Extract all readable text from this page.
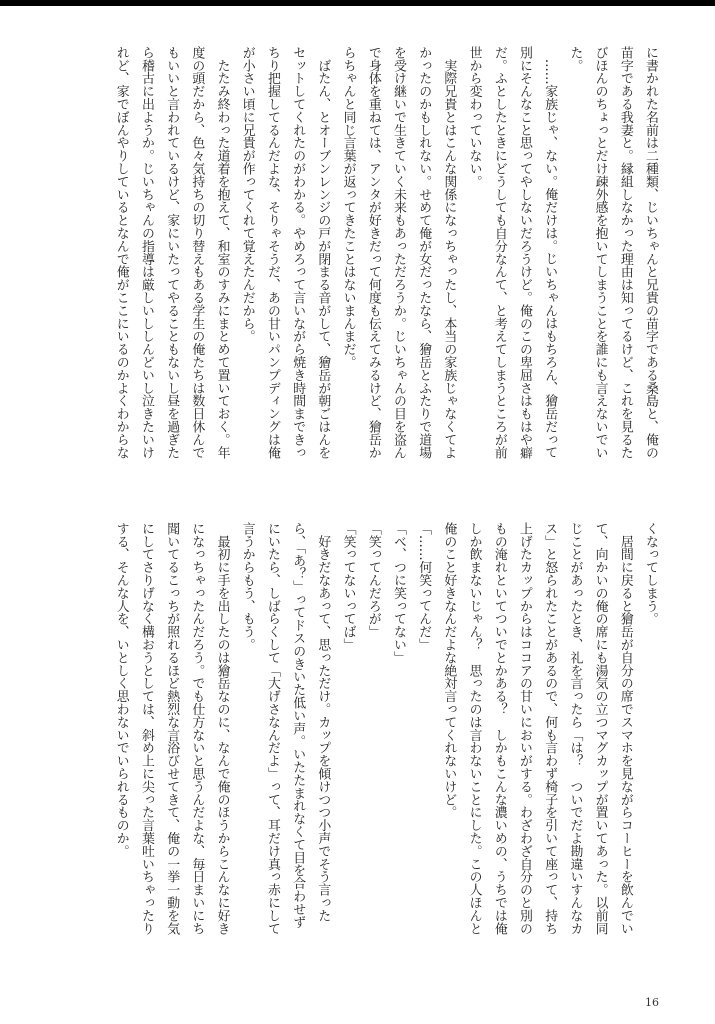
に書かれた名前は二種類、じいちゃんと兄貴の苗字である桑島と、俺の
苗字である我妻と。縁組しなかった理由は知ってるけど、これを見るた
びほんのちょっとだけ疎外感を抱いてしまうことを誰にも言えないでい
た。
　……家族じゃ、ない。俺だけは。じいちゃんはもちろん、獪岳だって
別にそんなこと思ってやしないだろうけど。俺のこの卑屈さはもはや癖
だ。ふとしたときにどうしても自分なんて、と考えてしまうところが前
世から変わっていない。
　実際兄貴とはこんな関係になっちゃったし、本当の家族じゃなくてよ
かったのかもしれない。せめて俺が女だったなら、獪岳とふたりで道場
を受け継いで生きていく未来もあっただろうか。じいちゃんの目を盗ん
で身体を重ねては、アンタが好きだって何度も伝えてみるけど、獪岳か
らちゃんと同じ言葉が返ってきたことはないまんまだ。
　ばたん、とオーブンレンジの戸が閉まる音がして、獪岳が朝ごはんを
セットしてくれたのがわかる。やめろって言いながら焼き時間まできっ
ちり把握してるんだよな、そりゃそうだ、あの甘いパンプディングは俺
が小さい頃に兄貴が作ってくれて覚えたんだから。
　たたみ終わった道着を抱えて、和室のすみにまとめて置いておく。年
度の頭だから、色々気持ちの切り替えもある学生の俺たちは数日休んで
もいいと言われているけど、家にいたってやることもないし昼を過ぎた
ら稽古に出ようか。じいちゃんの指導は厳しいししんどいし泣きたいけ
れど、家でぼんやりしているとなんで俺がここにいるのかよくわからな
くなってしまう。
　居間に戻ると獪岳が自分の席でスマホを見ながらコーヒーを飲んでい
て、向かいの俺の席にも湯気の立つマグカップが置いてあった。以前同
じことがあったとき、礼を言ったら「は？　ついでだよ勘違いすんなカ
ス」と怒られたことがあるので、何も言わず椅子を引いて座って、持ち
上げたカップからはココアの甘いにおいがする。わざわざ自分のと別の
もの淹れといてついでとかある？　しかもこんな濃いめの、うちでは俺
しか飲まないじゃん？　思ったのは言わないことにした。この人ほんと
俺のこと好きなんだよな絶対言ってくれないけど。
「……何笑ってんだ」
「べ、つに笑ってない」
「笑ってんだろが」
「笑ってないってば」
　好きだなあって、思っただけ。カップを傾けつつ小声でそう言った
ら、「あ？」ってドスのきいた低い声。いたたまれなくて目を合わせず
にいたら、しばらくして「大げさなんだよ」って、耳だけ真っ赤にして
言うからもう、もう。
　最初に手を出したのは獪岳なのに、なんで俺のほうからこんなに好き
になっちゃったんだろう。でも仕方ないと思うんだよな、毎日まいにち
聞いてるこっちが照れるほど熱烈な言浴びせてきて、俺の一挙一動を気
にしてさりげなく構おうとしては、斜め上に尖った言葉吐いちゃったり
する、そんな人を、いとしく思わないでいられるものか。
16
